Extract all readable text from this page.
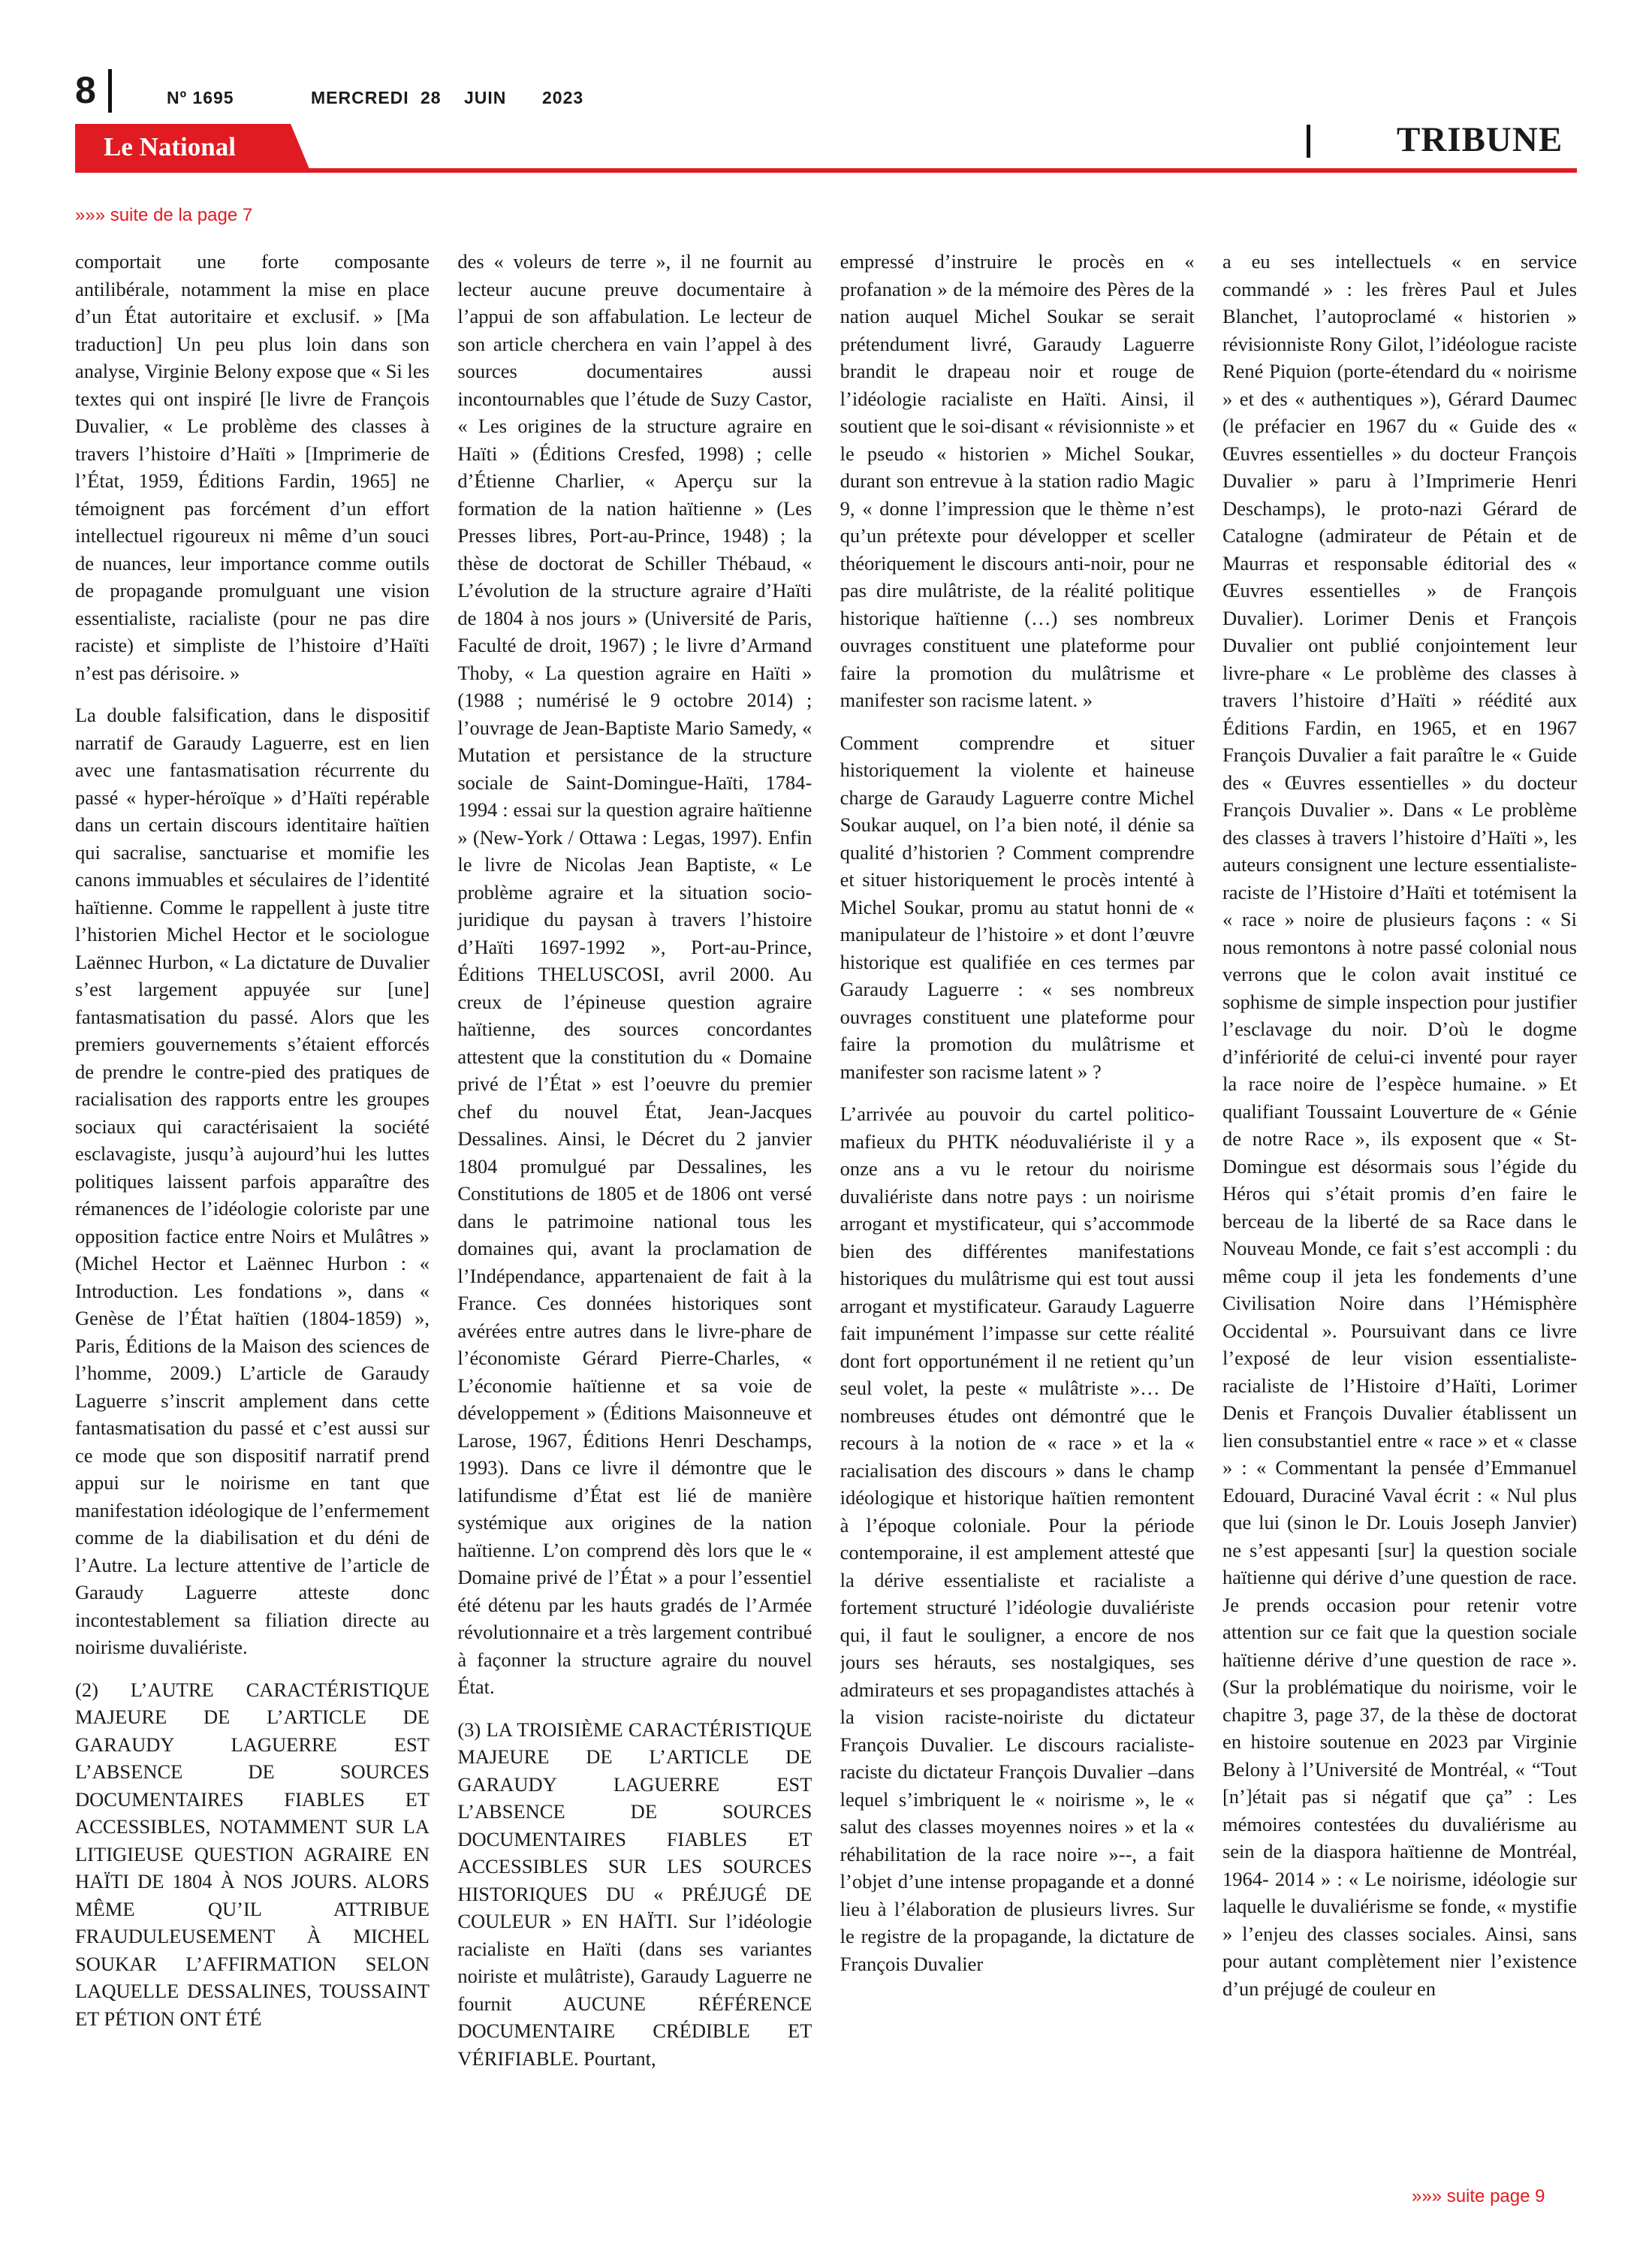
8	Nº 1695	MERCREDI 28 JUIN 2023
Le National	TRIBUNE
»»» suite de la page 7

comportait une forte composante antilibérale, notamment la mise en place d’un État autoritaire et exclusif. » [Ma traduction] Un peu plus loin dans son analyse, Virginie Belony expose que « Si les textes qui ont inspiré [le livre de François Duvalier, « Le problème des classes à travers l’histoire d’Haïti » [Imprimerie de l’État, 1959, Éditions Fardin, 1965] ne témoignent pas forcément d’un effort intellectuel rigoureux ni même d’un souci de nuances, leur importance comme outils de propagande promulguant une vision essentialiste, racialiste (pour ne pas dire raciste) et simpliste de l’histoire d’Haïti n’est pas dérisoire. »

La double falsification, dans le dispositif narratif de Garaudy Laguerre, est en lien avec une fantasmatisation récurrente du passé « hyper-héroïque » d’Haïti repérable dans un certain discours identitaire haïtien qui sacralise, sanctuarise et momifie les canons immuables et séculaires de l’identité haïtienne. Comme le rappellent à juste titre l’historien Michel Hector et le sociologue Laënnec Hurbon, « La dictature de Duvalier s’est largement appuyée sur [une] fantasmatisation du passé. Alors que les premiers gouvernements s’étaient efforcés de prendre le contre-pied des pratiques de racialisation des rapports entre les groupes sociaux qui caractérisaient la société esclavagiste, jusqu’à aujourd’hui les luttes politiques laissent parfois apparaître des rémanences de l’idéologie coloriste par une opposition factice entre Noirs et Mulâtres » (Michel Hector et Laënnec Hurbon : « Introduction. Les fondations », dans « Genèse de l’État haïtien (1804-1859) », Paris, Éditions de la Maison des sciences de l’homme, 2009.) L’article de Garaudy Laguerre s’inscrit amplement dans cette fantasmatisation du passé et c’est aussi sur ce mode que son dispositif narratif prend appui sur le noirisme en tant que manifestation idéologique de l’enfermement comme de la diabilisation et du déni de l’Autre. La lecture attentive de l’article de Garaudy Laguerre atteste donc incontestablement sa filiation directe au noirisme duvaliériste.

(2) L’AUTRE CARACTÉRISTIQUE MAJEURE DE L’ARTICLE DE GARAUDY LAGUERRE EST L’ABSENCE DE SOURCES DOCUMENTAIRES FIABLES ET ACCESSIBLES, NOTAMMENT SUR LA LITIGIEUSE QUESTION AGRAIRE EN HAÏTI DE 1804 À NOS JOURS. ALORS MÊME QU’IL ATTRIBUE FRAUDULEUSEMENT À MICHEL SOUKAR L’AFFIRMATION SELON LAQUELLE DESSALINES, TOUSSAINT ET PÉTION ONT ÉTÉ

des « voleurs de terre », il ne fournit au lecteur aucune preuve documentaire à l’appui de son affabulation. Le lecteur de son article cherchera en vain l’appel à des sources documentaires aussi incontournables que l’étude de Suzy Castor, « Les origines de la structure agraire en Haïti » (Éditions Cresfed, 1998) ; celle d’Étienne Charlier, « Aperçu sur la formation de la nation haïtienne » (Les Presses libres, Port-au-Prince, 1948) ; la thèse de doctorat de Schiller Thébaud, « L’évolution de la structure agraire d’Haïti de 1804 à nos jours » (Université de Paris, Faculté de droit, 1967) ; le livre d’Armand Thoby, « La question agraire en Haïti » (1988 ; numérisé le 9 octobre 2014) ; l’ouvrage de Jean-Baptiste Mario Samedy, « Mutation et persistance de la structure sociale de Saint-Domingue-Haïti, 1784-1994 : essai sur la question agraire haïtienne » (New-York / Ottawa : Legas, 1997). Enfin le livre de Nicolas Jean Baptiste, « Le problème agraire et la situation socio-juridique du paysan à travers l’histoire d’Haïti 1697-1992 », Port-au-Prince, Éditions THELUSCOSI, avril 2000. Au creux de l’épineuse question agraire haïtienne, des sources concordantes attestent que la constitution du « Domaine privé de l’État » est l’oeuvre du premier chef du nouvel État, Jean-Jacques Dessalines. Ainsi, le Décret du 2 janvier 1804 promulgué par Dessalines, les Constitutions de 1805 et de 1806 ont versé dans le patrimoine national tous les domaines qui, avant la proclamation de l’Indépendance, appartenaient de fait à la France. Ces données historiques sont avérées entre autres dans le livre-phare de l’économiste Gérard Pierre-Charles, « L’économie haïtienne et sa voie de développement » (Éditions Maisonneuve et Larose, 1967, Éditions Henri Deschamps, 1993). Dans ce livre il démontre que le latifundisme d’État est lié de manière systémique aux origines de la nation haïtienne. L’on comprend dès lors que le « Domaine privé de l’État » a pour l’essentiel été détenu par les hauts gradés de l’Armée révolutionnaire et a très largement contribué à façonner la structure agraire du nouvel État.

(3) LA TROISIÈME CARACTÉRISTIQUE MAJEURE DE L’ARTICLE DE GARAUDY LAGUERRE EST L’ABSENCE DE SOURCES DOCUMENTAIRES FIABLES ET ACCESSIBLES SUR LES SOURCES HISTORIQUES DU « PRÉJUGÉ DE COULEUR » EN HAÏTI. Sur l’idéologie racialiste en Haïti (dans ses variantes noiriste et mulâtriste), Garaudy Laguerre ne fournit AUCUNE RÉFÉRENCE DOCUMENTAIRE CRÉDIBLE ET VÉRIFIABLE. Pourtant,

empressé d’instruire le procès en « profanation » de la mémoire des Pères de la nation auquel Michel Soukar se serait prétendument livré, Garaudy Laguerre brandit le drapeau noir et rouge de l’idéologie racialiste en Haïti. Ainsi, il soutient que le soi-disant « révisionniste » et le pseudo « historien » Michel Soukar, durant son entrevue à la station radio Magic 9, « donne l’impression que le thème n’est qu’un prétexte pour développer et sceller théoriquement le discours anti-noir, pour ne pas dire mulâtriste, de la réalité politique historique haïtienne (…) ses nombreux ouvrages constituent une plateforme pour faire la promotion du mulâtrisme et manifester son racisme latent. »

Comment comprendre et situer historiquement la violente et haineuse charge de Garaudy Laguerre contre Michel Soukar auquel, on l’a bien noté, il dénie sa qualité d’historien ? Comment comprendre et situer historiquement le procès intenté à Michel Soukar, promu au statut honni de « manipulateur de l’histoire » et dont l’œuvre historique est qualifiée en ces termes par Garaudy Laguerre : « ses nombreux ouvrages constituent une plateforme pour faire la promotion du mulâtrisme et manifester son racisme latent » ?

L’arrivée au pouvoir du cartel politico-mafieux du PHTK néoduvaliériste il y a onze ans a vu le retour du noirisme duvaliériste dans notre pays : un noirisme arrogant et mystificateur, qui s’accommode bien des différentes manifestations historiques du mulâtrisme qui est tout aussi arrogant et mystificateur. Garaudy Laguerre fait impunément l’impasse sur cette réalité dont fort opportunément il ne retient qu’un seul volet, la peste « mulâtriste »… De nombreuses études ont démontré que le recours à la notion de « race » et la « racialisation des discours » dans le champ idéologique et historique haïtien remontent à l’époque coloniale. Pour la période contemporaine, il est amplement attesté que la dérive essentialiste et racialiste a fortement structuré l’idéologie duvaliériste qui, il faut le souligner, a encore de nos jours ses hérauts, ses nostalgiques, ses admirateurs et ses propagandistes attachés à la vision raciste-noiriste du dictateur François Duvalier. Le discours racialiste-raciste du dictateur François Duvalier –dans lequel s’imbriquent le « noirisme », le « salut des classes moyennes noires » et la « réhabilitation de la race noire »--, a fait l’objet d’une intense propagande et a donné lieu à l’élaboration de plusieurs livres. Sur le registre de la propagande, la dictature de François Duvalier

a eu ses intellectuels « en service commandé » : les frères Paul et Jules Blanchet, l’autoproclamé « historien » révisionniste Rony Gilot, l’idéologue raciste René Piquion (porte-étendard du « noirisme » et des « authentiques »), Gérard Daumec (le préfacier en 1967 du « Guide des « Œuvres essentielles » du docteur François Duvalier » paru à l’Imprimerie Henri Deschamps), le proto-nazi Gérard de Catalogne (admirateur de Pétain et de Maurras et responsable éditorial des « Œuvres essentielles » de François Duvalier). Lorimer Denis et François Duvalier ont publié conjointement leur livre-phare « Le problème des classes à travers l’histoire d’Haïti » réédité aux Éditions Fardin, en 1965, et en 1967 François Duvalier a fait paraître le « Guide des « Œuvres essentielles » du docteur François Duvalier ». Dans « Le problème des classes à travers l’histoire d’Haïti », les auteurs consignent une lecture essentialiste-raciste de l’Histoire d’Haïti et totémisent la « race » noire de plusieurs façons : « Si nous remontons à notre passé colonial nous verrons que le colon avait institué ce sophisme de simple inspection pour justifier l’esclavage du noir. D’où le dogme d’infériorité de celui-ci inventé pour rayer la race noire de l’espèce humaine. » Et qualifiant Toussaint Louverture de « Génie de notre Race », ils exposent que « St-Domingue est désormais sous l’égide du Héros qui s’était promis d’en faire le berceau de la liberté de sa Race dans le Nouveau Monde, ce fait s’est accompli : du même coup il jeta les fondements d’une Civilisation Noire dans l’Hémisphère Occidental ». Poursuivant dans ce livre l’exposé de leur vision essentialiste-racialiste de l’Histoire d’Haïti, Lorimer Denis et François Duvalier établissent un lien consubstantiel entre « race » et « classe » : « Commentant la pensée d’Emmanuel Edouard, Duraciné Vaval écrit : « Nul plus que lui (sinon le Dr. Louis Joseph Janvier) ne s’est appesanti [sur] la question sociale haïtienne qui dérive d’une question de race. Je prends occasion pour retenir votre attention sur ce fait que la question sociale haïtienne dérive d’une question de race ». (Sur la problématique du noirisme, voir le chapitre 3, page 37, de la thèse de doctorat en histoire soutenue en 2023 par Virginie Belony à l’Université de Montréal, « “Tout [n’]était pas si négatif que ça” : Les mémoires contestées du duvaliérisme au sein de la diaspora haïtienne de Montréal, 1964- 2014 » : « Le noirisme, idéologie sur laquelle le duvaliérisme se fonde, « mystifie » l’enjeu des classes sociales. Ainsi, sans pour autant complètement nier l’existence d’un préjugé de couleur en

»»» suite page 9
